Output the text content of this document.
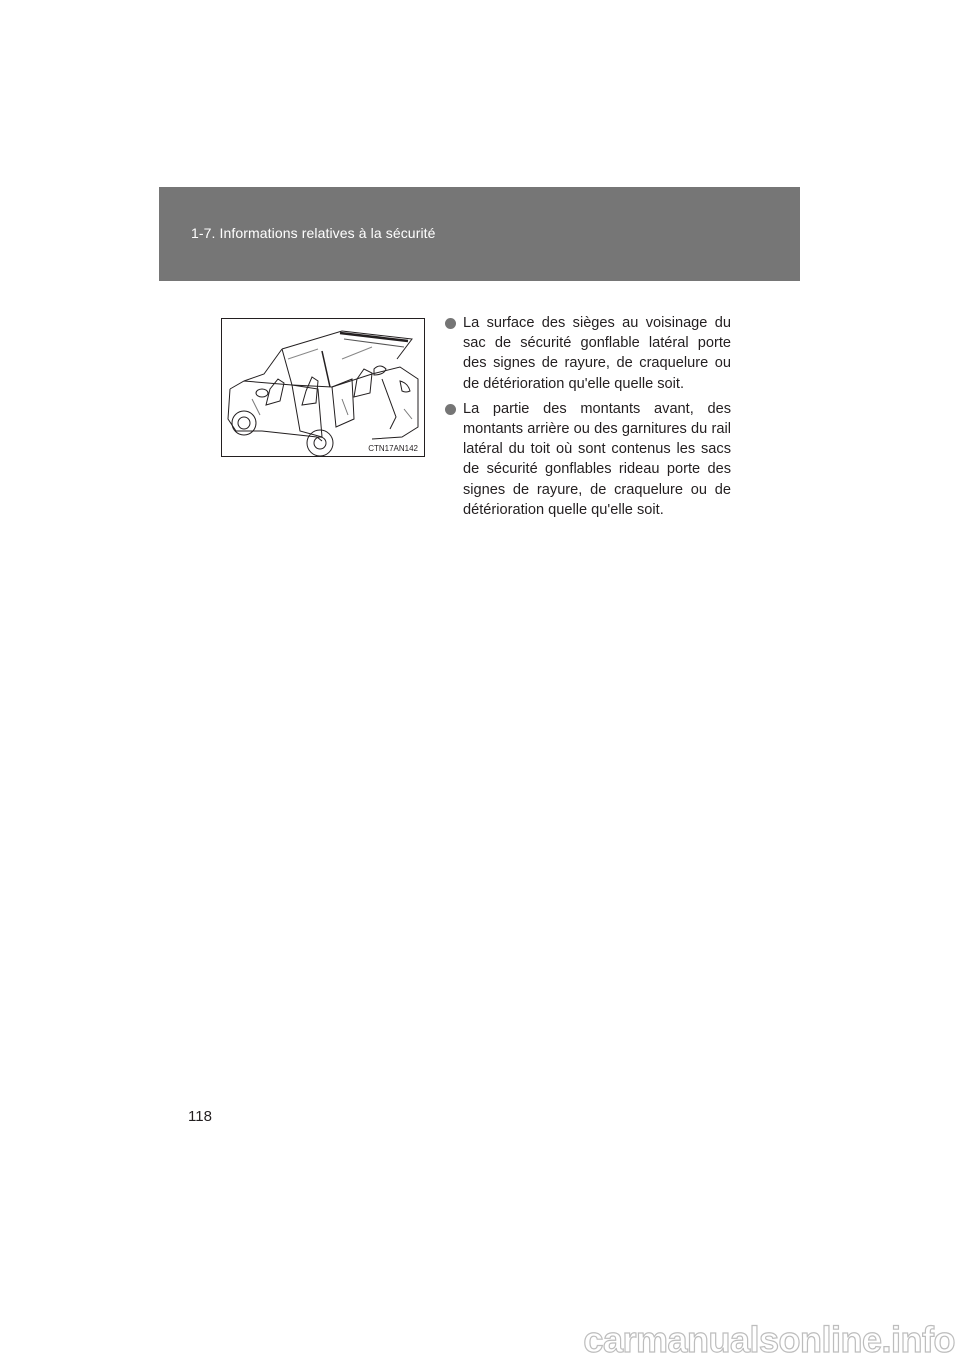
1-7. Informations relatives à la sécurité
CTN17AN142
La surface des sièges au voisinage du sac de sécurité gonflable latéral porte des signes de rayure, de craquelure ou de détérioration qu'elle quelle soit.
La partie des montants avant, des montants arrière ou des garnitures du rail latéral du toit où sont contenus les sacs de sécurité gonflables rideau porte des signes de rayure, de craquelure ou de détérioration quelle qu'elle soit.
118
carmanualsonline.info
